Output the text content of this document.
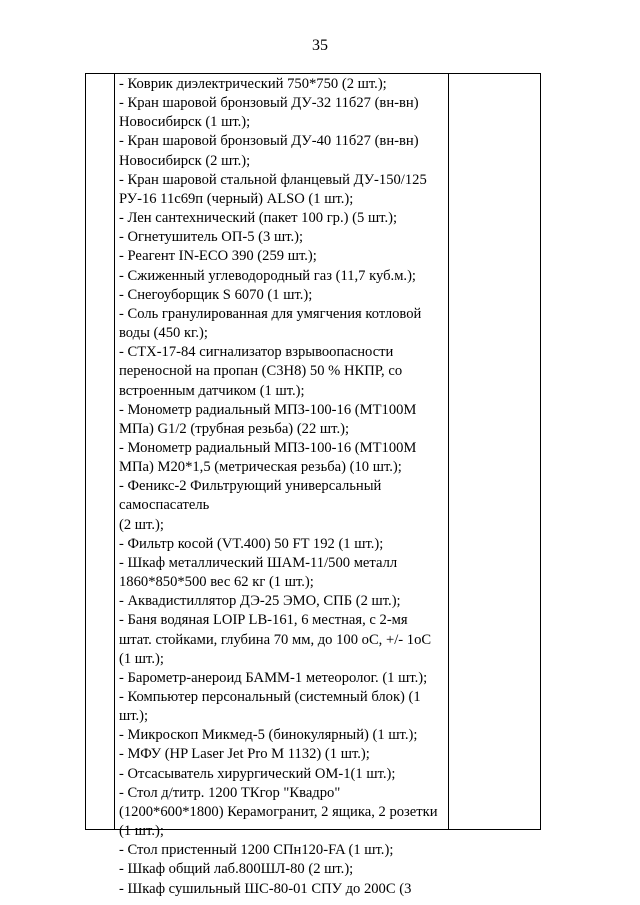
35
- Коврик диэлектрический 750*750 (2 шт.);
- Кран шаровой бронзовый ДУ-32 11б27 (вн-вн) Новосибирск (1 шт.);
- Кран шаровой бронзовый ДУ-40 11б27 (вн-вн) Новосибирск (2 шт.);
- Кран шаровой стальной фланцевый ДУ-150/125 РУ-16 11с69п (черный) ALSO (1 шт.);
- Лен сантехнический (пакет 100 гр.) (5 шт.);
- Огнетушитель ОП-5 (3 шт.);
- Реагент IN-ECO 390 (259 шт.);
- Сжиженный углеводородный газ (11,7 куб.м.);
- Снегоуборщик S 6070 (1 шт.);
- Соль гранулированная для умягчения котловой воды (450 кг.);
- СТХ-17-84 сигнализатор взрывоопасности переносной на пропан (С3Н8) 50 % НКПР, со встроенным датчиком (1 шт.);
- Монометр радиальный МПЗ-100-16 (МТ100М МПа) G1/2 (трубная резьба) (22 шт.);
- Монометр радиальный МПЗ-100-16 (МТ100М МПа) М20*1,5 (метрическая резьба) (10 шт.);
- Феникс-2 Фильтрующий универсальный самоспасатель
(2 шт.);
- Фильтр косой (VT.400) 50 FT 192 (1 шт.);
- Шкаф металлический ШАМ-11/500 металл 1860*850*500 вес 62 кг (1 шт.);
- Аквадистиллятор ДЭ-25 ЭМО, СПБ (2 шт.);
- Баня водяная LOIP LB-161, 6 местная, с 2-мя штат. стойками, глубина 70 мм, до 100 оС, +/- 1оС (1 шт.);
- Барометр-анероид БАММ-1 метеоролог. (1 шт.);
- Компьютер персональный (системный блок) (1 шт.);
- Микроскоп Микмед-5 (бинокулярный) (1 шт.);
- МФУ (HP Laser Jet Pro M 1132) (1 шт.);
- Отсасыватель хирургический ОМ-1(1 шт.);
- Стол д/титр. 1200 ТКгор "Квадро" (1200*600*1800) Керамогранит, 2 ящика, 2 розетки (1 шт.);
- Стол пристенный 1200 СПн120-FA (1 шт.);
- Шкаф общий лаб.800ШЛ-80 (2 шт.);
- Шкаф сушильный ШС-80-01 СПУ до 200С (3
